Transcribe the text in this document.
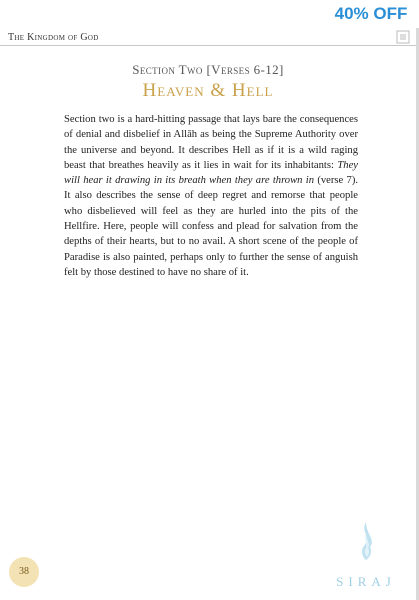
The Kingdom of God
Section Two [Verses 6-12]
Heaven & Hell

Section two is a hard-hitting passage that lays bare the consequences of denial and disbelief in Allāh as being the Supreme Authority over the universe and beyond. It describes Hell as if it is a wild raging beast that breathes heavily as it lies in wait for its inhabitants: They will hear it drawing in its breath when they are thrown in (verse 7). It also describes the sense of deep regret and remorse that people who disbelieved will feel as they are hurled into the pits of the Hellfire. Here, people will confess and plead for salvation from the depths of their hearts, but to no avail. A short scene of the people of Paradise is also painted, perhaps only to further the sense of anguish felt by those destined to have no share of it.

38
SIRAJ
40% OFF
